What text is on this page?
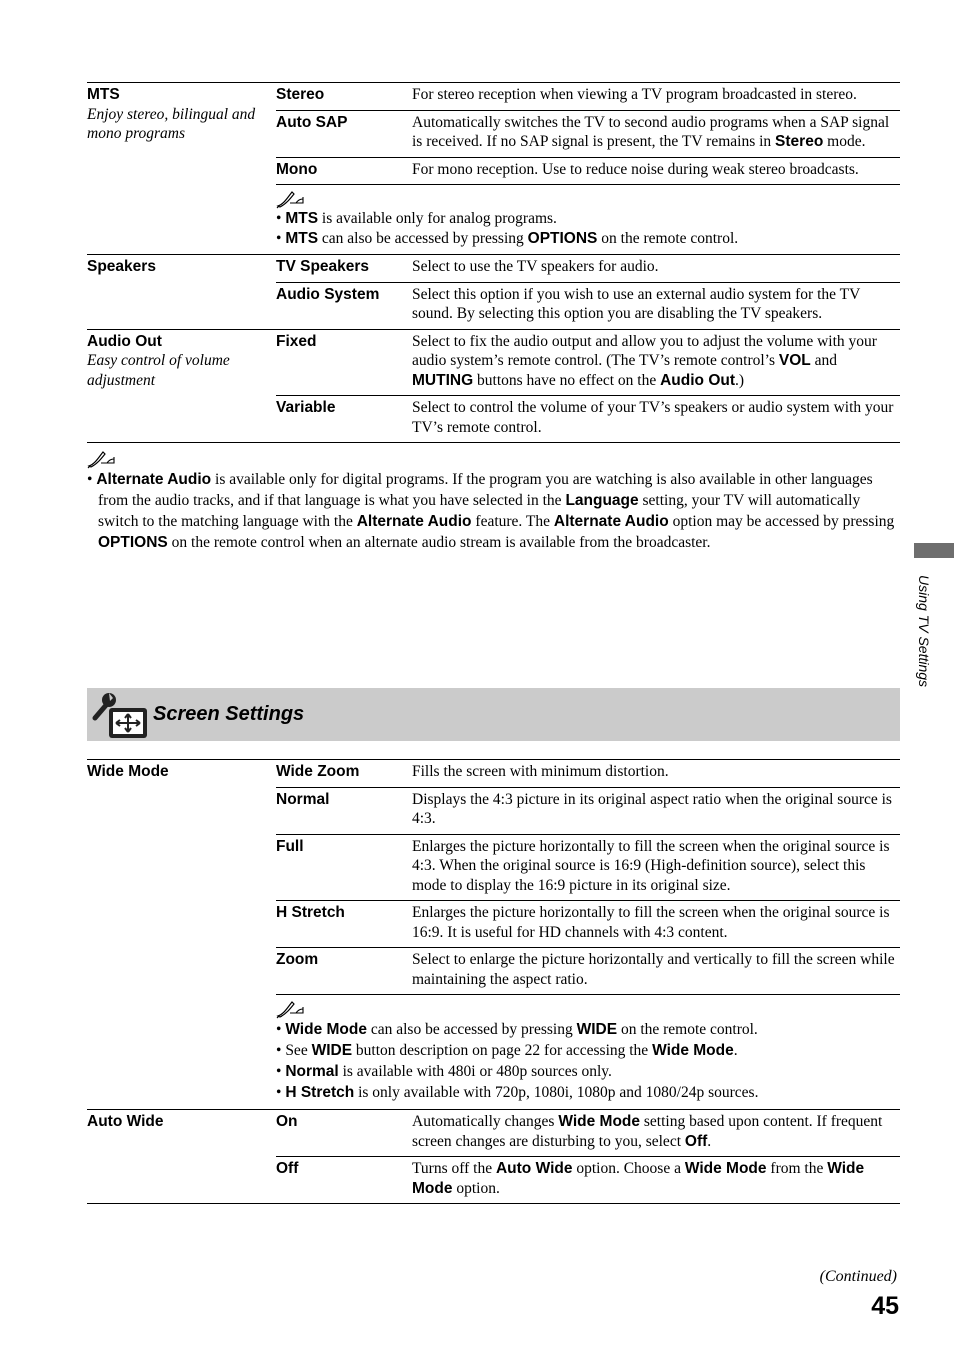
MTS
Enjoy stereo, bilingual and mono programs
Stereo	For stereo reception when viewing a TV program broadcasted in stereo.
Auto SAP	Automatically switches the TV to second audio programs when a SAP signal is received. If no SAP signal is present, the TV remains in Stereo mode.
Mono	For mono reception. Use to reduce noise during weak stereo broadcasts.
• MTS is available only for analog programs.
• MTS can also be accessed by pressing OPTIONS on the remote control.
Speakers	TV Speakers	Select to use the TV speakers for audio.
Audio System	Select this option if you wish to use an external audio system for the TV sound. By selecting this option you are disabling the TV speakers.
Audio Out
Easy control of volume adjustment
Fixed	Select to fix the audio output and allow you to adjust the volume with your audio system’s remote control. (The TV’s remote control’s VOL and MUTING buttons have no effect on the Audio Out.)
Variable	Select to control the volume of your TV’s speakers or audio system with your TV’s remote control.
• Alternate Audio is available only for digital programs. If the program you are watching is also available in other languages from the audio tracks, and if that language is what you have selected in the Language setting, your TV will automatically switch to the matching language with the Alternate Audio feature. The Alternate Audio option may be accessed by pressing OPTIONS on the remote control when an alternate audio stream is available from the broadcaster.
Screen Settings
Wide Mode	Wide Zoom	Fills the screen with minimum distortion.
Normal	Displays the 4:3 picture in its original aspect ratio when the original source is 4:3.
Full	Enlarges the picture horizontally to fill the screen when the original source is 4:3. When the original source is 16:9 (High-definition source), select this mode to display the 16:9 picture in its original size.
H Stretch	Enlarges the picture horizontally to fill the screen when the original source is 16:9. It is useful for HD channels with 4:3 content.
Zoom	Select to enlarge the picture horizontally and vertically to fill the screen while maintaining the aspect ratio.
• Wide Mode can also be accessed by pressing WIDE on the remote control.
• See WIDE button description on page 22 for accessing the Wide Mode.
• Normal is available with 480i or 480p sources only.
• H Stretch is only available with 720p, 1080i, 1080p and 1080/24p sources.
Auto Wide	On	Automatically changes Wide Mode setting based upon content. If frequent screen changes are disturbing to you, select Off.
Off	Turns off the Auto Wide option. Choose a Wide Mode from the Wide Mode option.
Using TV Settings
(Continued)
45
